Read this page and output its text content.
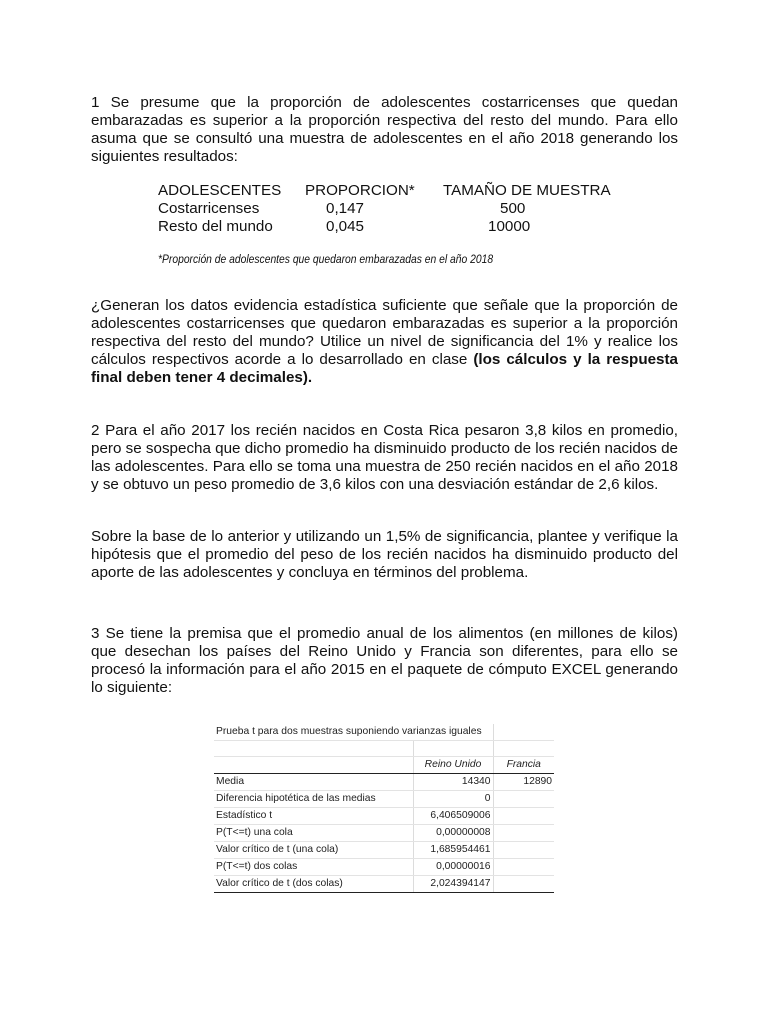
1 Se presume que la proporción de adolescentes costarricenses que quedan embarazadas es superior a la proporción respectiva del resto del mundo. Para ello asuma que se consultó una muestra de adolescentes en el año 2018 generando los siguientes resultados:

ADOLESCENTES PROPORCION* TAMAÑO DE MUESTRA
Costarricenses	0,147	500
Resto del mundo	0,045	10000
*Proporción de adolescentes que quedaron embarazadas en el año 2018

¿Generan los datos evidencia estadística suficiente que señale que la proporción de adolescentes costarricenses que quedaron embarazadas es superior a la proporción respectiva del resto del mundo? Utilice un nivel de significancia del 1% y realice los cálculos respectivos acorde a lo desarrollado en clase (los cálculos y la respuesta final deben tener 4 decimales).

2 Para el año 2017 los recién nacidos en Costa Rica pesaron 3,8 kilos en promedio, pero se sospecha que dicho promedio ha disminuido producto de los recién nacidos de las adolescentes. Para ello se toma una muestra de 250 recién nacidos en el año 2018 y se obtuvo un peso promedio de 3,6 kilos con una desviación estándar de 2,6 kilos.

Sobre la base de lo anterior y utilizando un 1,5% de significancia, plantee y verifique la hipótesis que el promedio del peso de los recién nacidos ha disminuido producto del aporte de las adolescentes y concluya en términos del problema.

3 Se tiene la premisa que el promedio anual de los alimentos (en millones de kilos) que desechan los países del Reino Unido y Francia son diferentes, para ello se procesó la información para el año 2015 en el paquete de cómputo EXCEL generando lo siguiente:

Prueba t para dos muestras suponiendo varianzas iguales		

	Reino Unido	Francia
Media	14340	12890
Diferencia hipotética de las medias	0	
Estadístico t	6,406509006	
P(T<=t) una cola	0,00000008	
Valor crítico de t (una cola)	1,685954461	
P(T<=t) dos colas	0,00000016	
Valor crítico de t (dos colas)	2,024394147	
